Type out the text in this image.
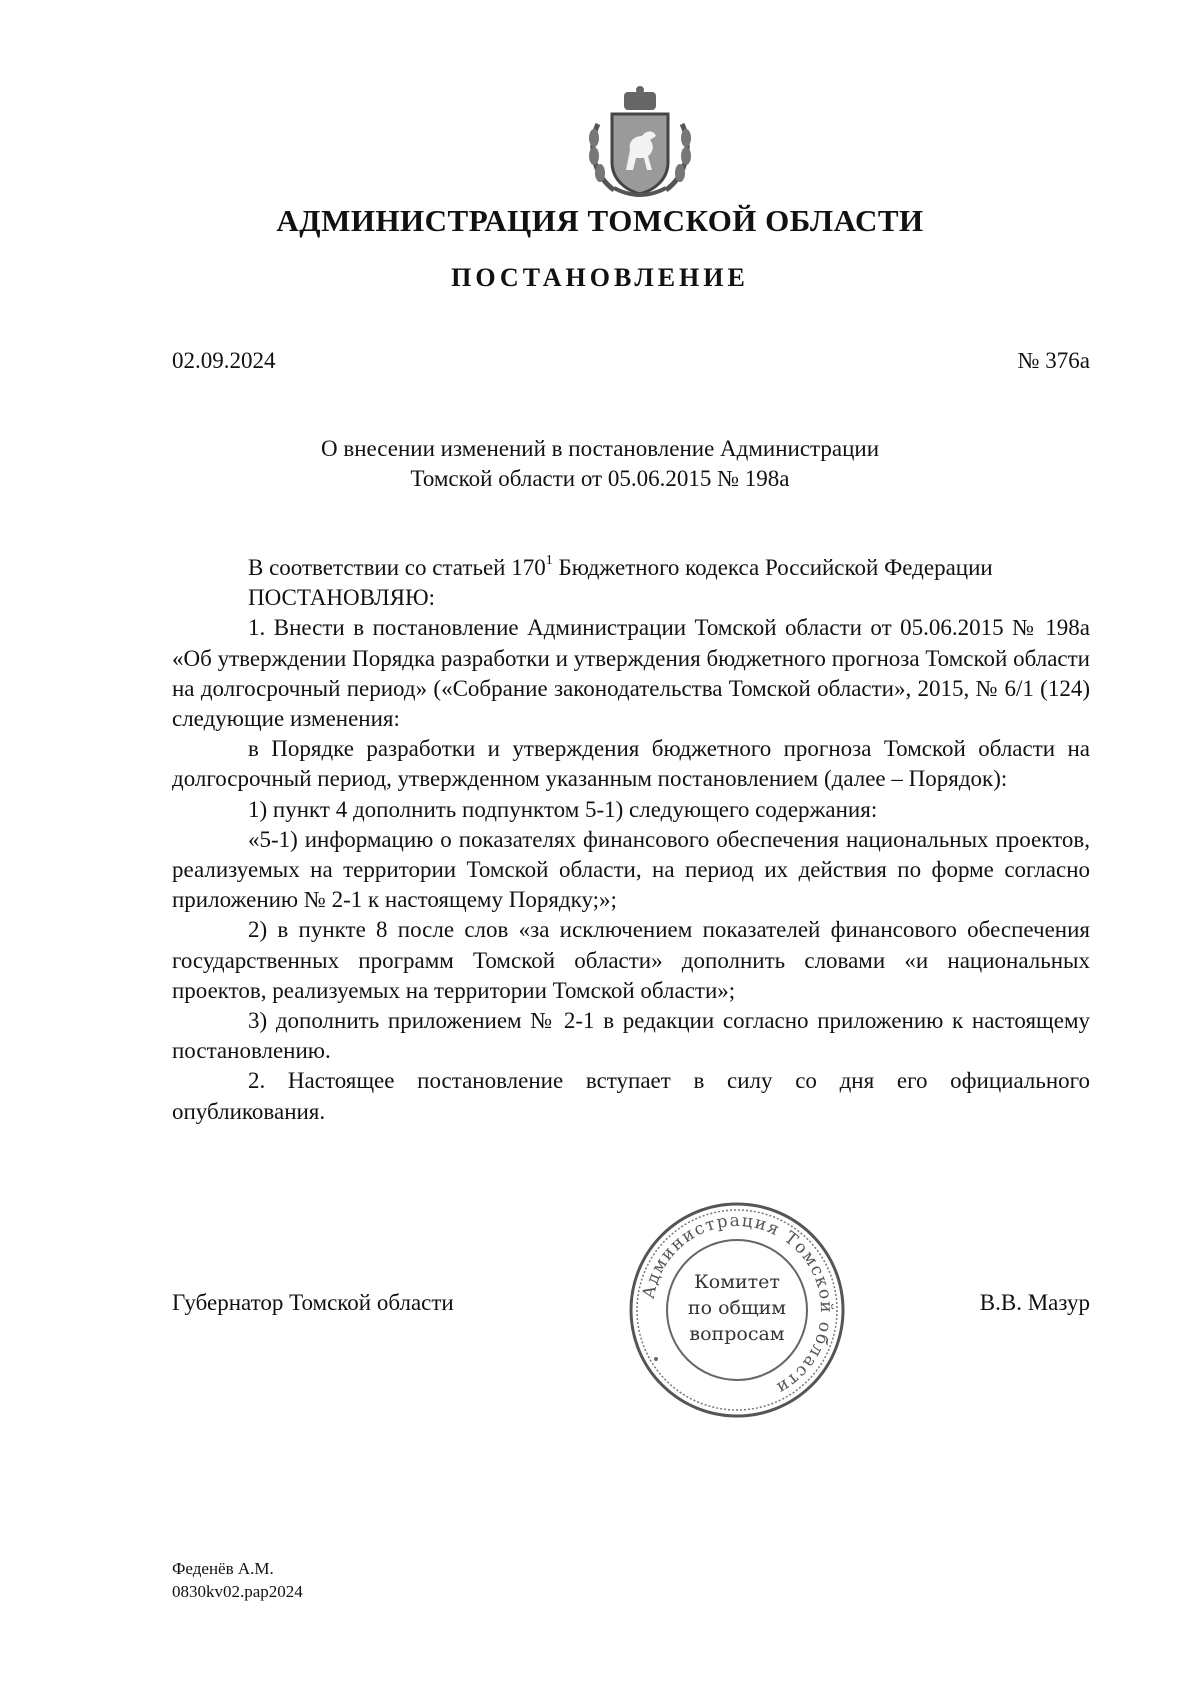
АДМИНИСТРАЦИЯ ТОМСКОЙ ОБЛАСТИ
ПОСТАНОВЛЕНИЕ
02.09.2024	№ 376а
О внесении изменений в постановление Администрации
Томской области от 05.06.2015 № 198а

В соответствии со статьей $170^1$ Бюджетного кодекса Российской Федерации

ПОСТАНОВЛЯЮ:

1. Внести в постановление Администрации Томской области от 05.06.2015 № 198а «Об утверждении Порядка разработки и утверждения бюджетного прогноза Томской области на долгосрочный период» («Собрание законодательства Томской области», 2015, № 6/1 (124) следующие изменения:

в Порядке разработки и утверждения бюджетного прогноза Томской области на долгосрочный период, утвержденном указанным постановлением (далее – Порядок):

1) пункт 4 дополнить подпунктом 5-1) следующего содержания:

«5-1) информацию о показателях финансового обеспечения национальных проектов, реализуемых на территории Томской области, на период их действия по форме согласно приложению № 2-1 к настоящему Порядку;»;

2) в пункте 8 после слов «за исключением показателей финансового обеспечения государственных программ Томской области» дополнить словами «и национальных проектов, реализуемых на территории Томской области»;

3) дополнить приложением № 2-1 в редакции согласно приложению к настоящему постановлению.

2. Настоящее постановление вступает в силу со дня его официального опубликования.

Администрация Томской области
Комитет
по общим
вопросам
Губернатор Томской области	В.В. Мазур
Феденёв А.М.
0830kv02.pap2024
